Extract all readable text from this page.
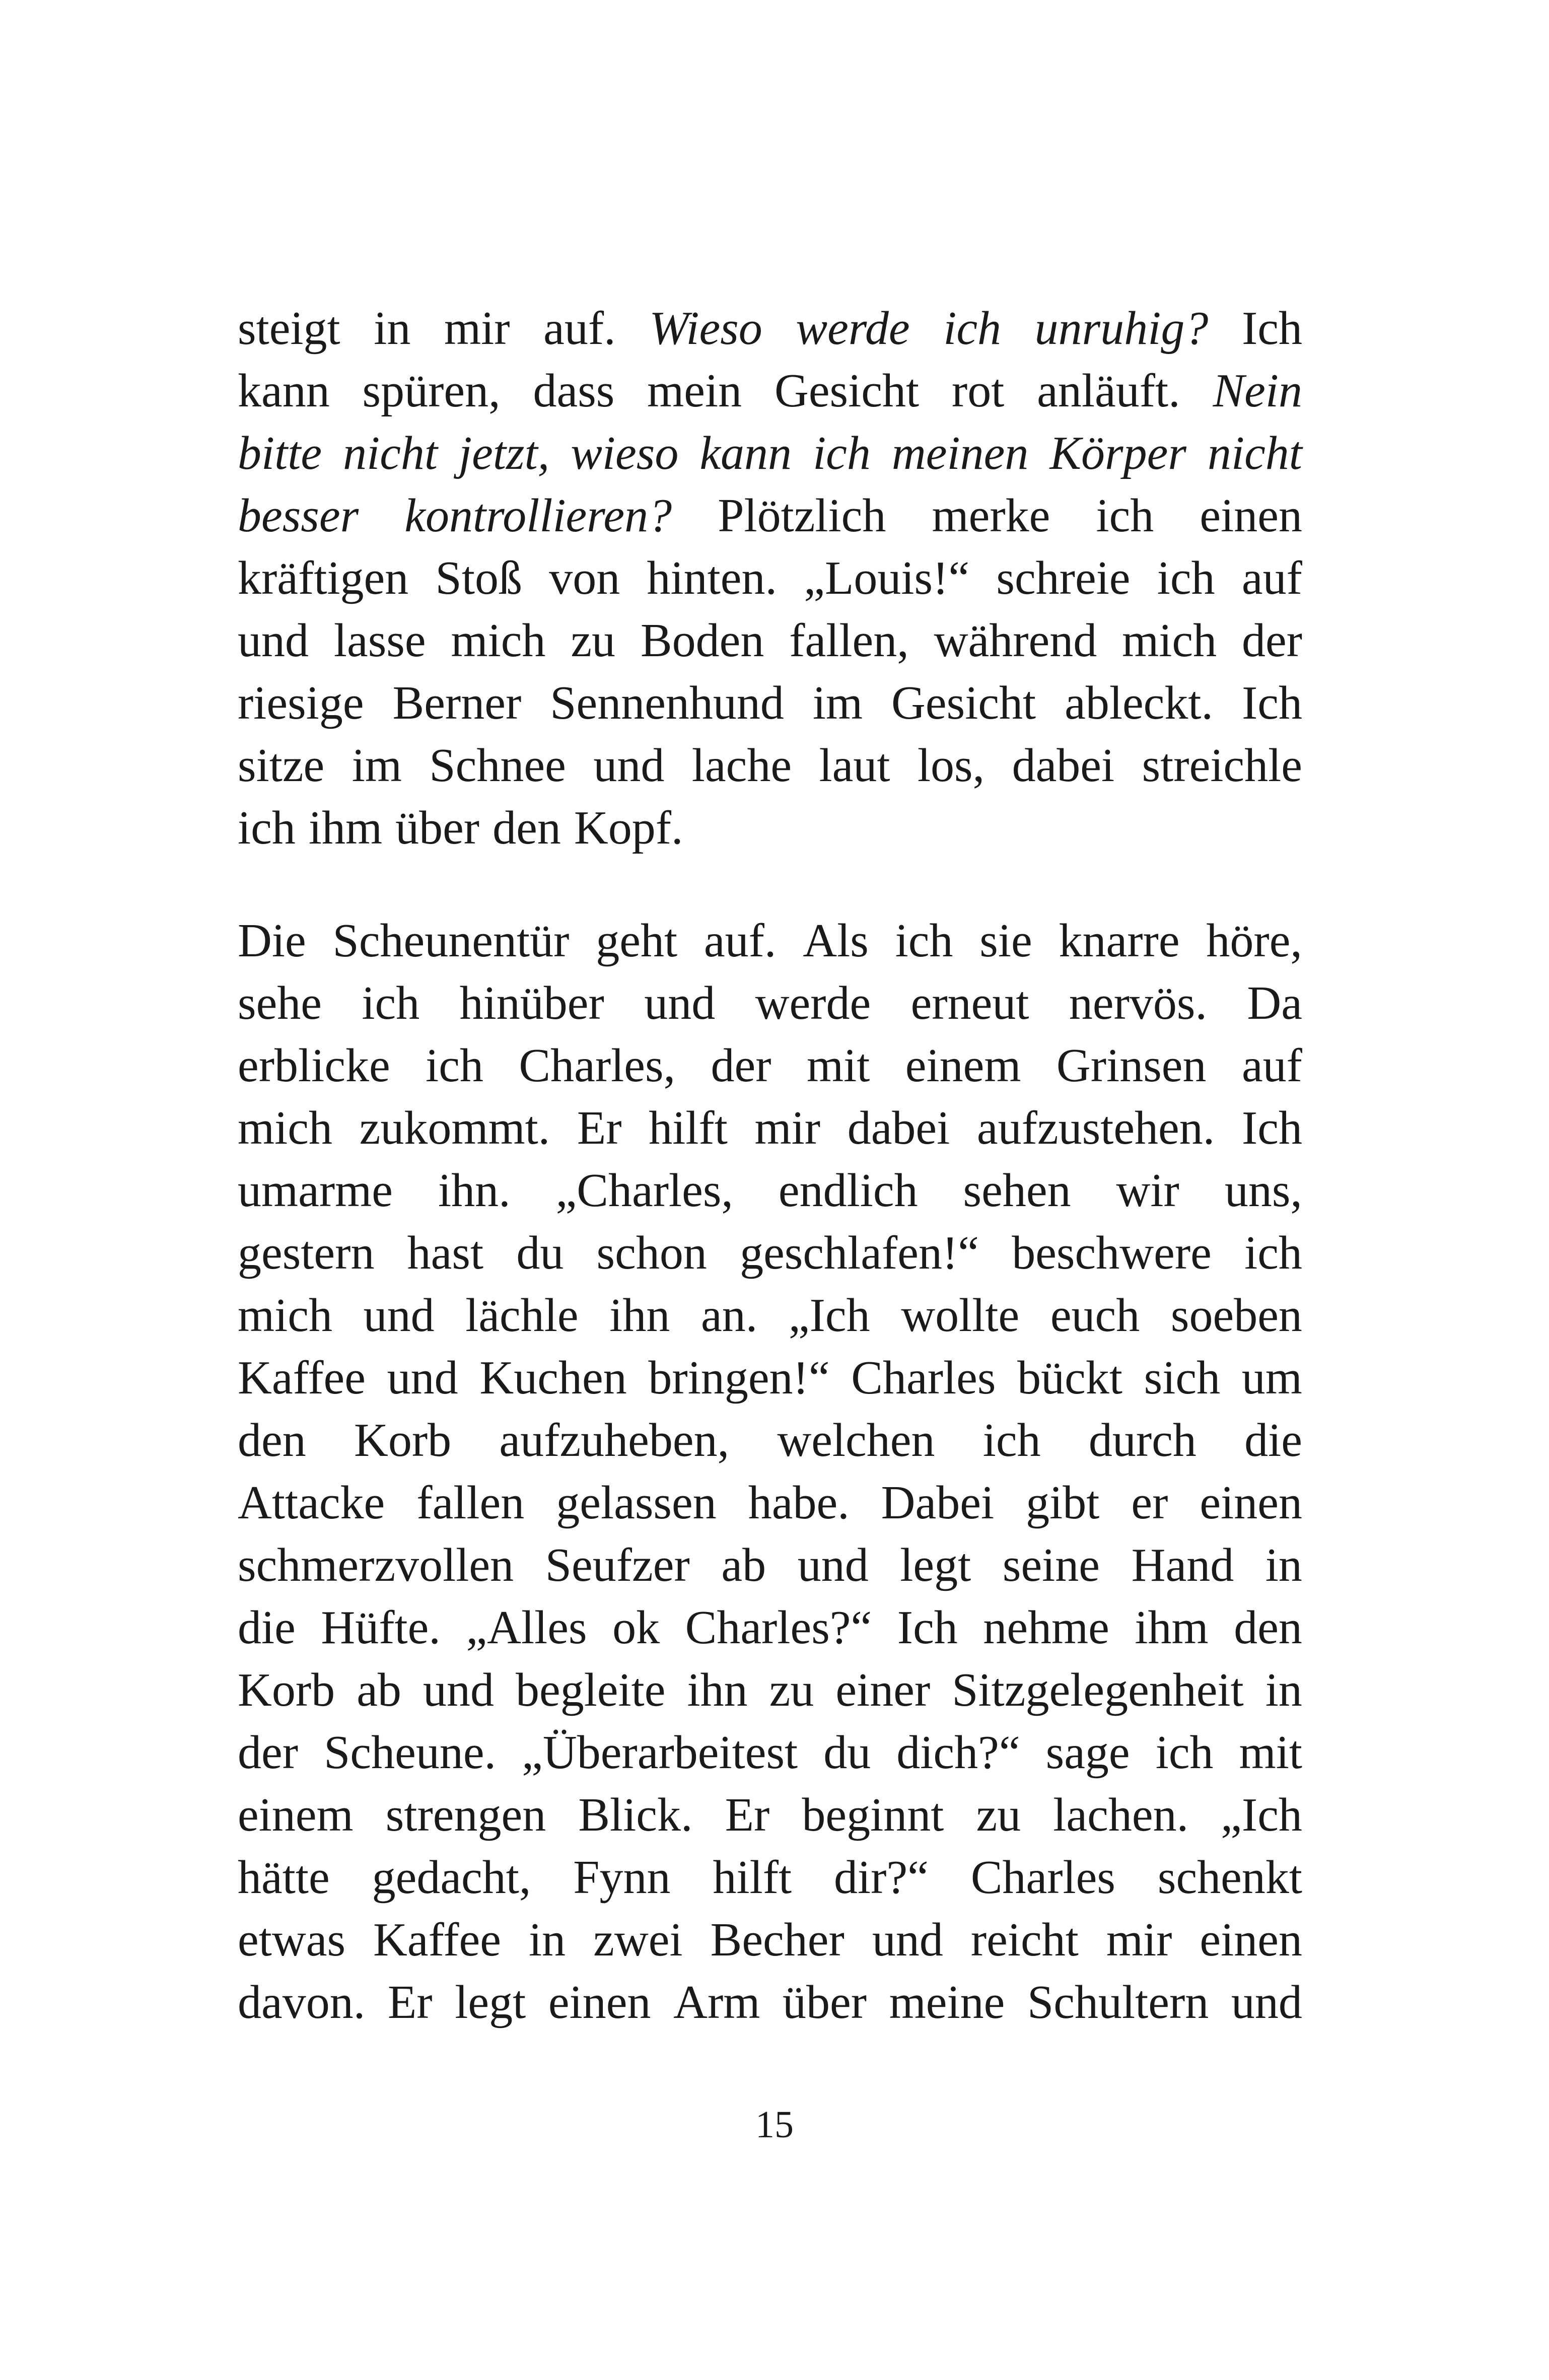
steigt in mir auf. Wieso werde ich unruhig? Ich
kann spüren, dass mein Gesicht rot anläuft. Nein
bitte nicht jetzt, wieso kann ich meinen Körper nicht
besser kontrollieren? Plötzlich merke ich einen
kräftigen Stoß von hinten. „Louis!“ schreie ich auf
und lasse mich zu Boden fallen, während mich der
riesige Berner Sennenhund im Gesicht ableckt. Ich
sitze im Schnee und lache laut los, dabei streichle
ich ihm über den Kopf.
Die Scheunentür geht auf. Als ich sie knarre höre,
sehe ich hinüber und werde erneut nervös. Da
erblicke ich Charles, der mit einem Grinsen auf
mich zukommt. Er hilft mir dabei aufzustehen. Ich
umarme ihn. „Charles, endlich sehen wir uns,
gestern hast du schon geschlafen!“ beschwere ich
mich und lächle ihn an. „Ich wollte euch soeben
Kaffee und Kuchen bringen!“ Charles bückt sich um
den Korb aufzuheben, welchen ich durch die
Attacke fallen gelassen habe. Dabei gibt er einen
schmerzvollen Seufzer ab und legt seine Hand in
die Hüfte. „Alles ok Charles?“ Ich nehme ihm den
Korb ab und begleite ihn zu einer Sitzgelegenheit in
der Scheune. „Überarbeitest du dich?“ sage ich mit
einem strengen Blick. Er beginnt zu lachen. „Ich
hätte gedacht, Fynn hilft dir?“ Charles schenkt
etwas Kaffee in zwei Becher und reicht mir einen
davon. Er legt einen Arm über meine Schultern und
15
